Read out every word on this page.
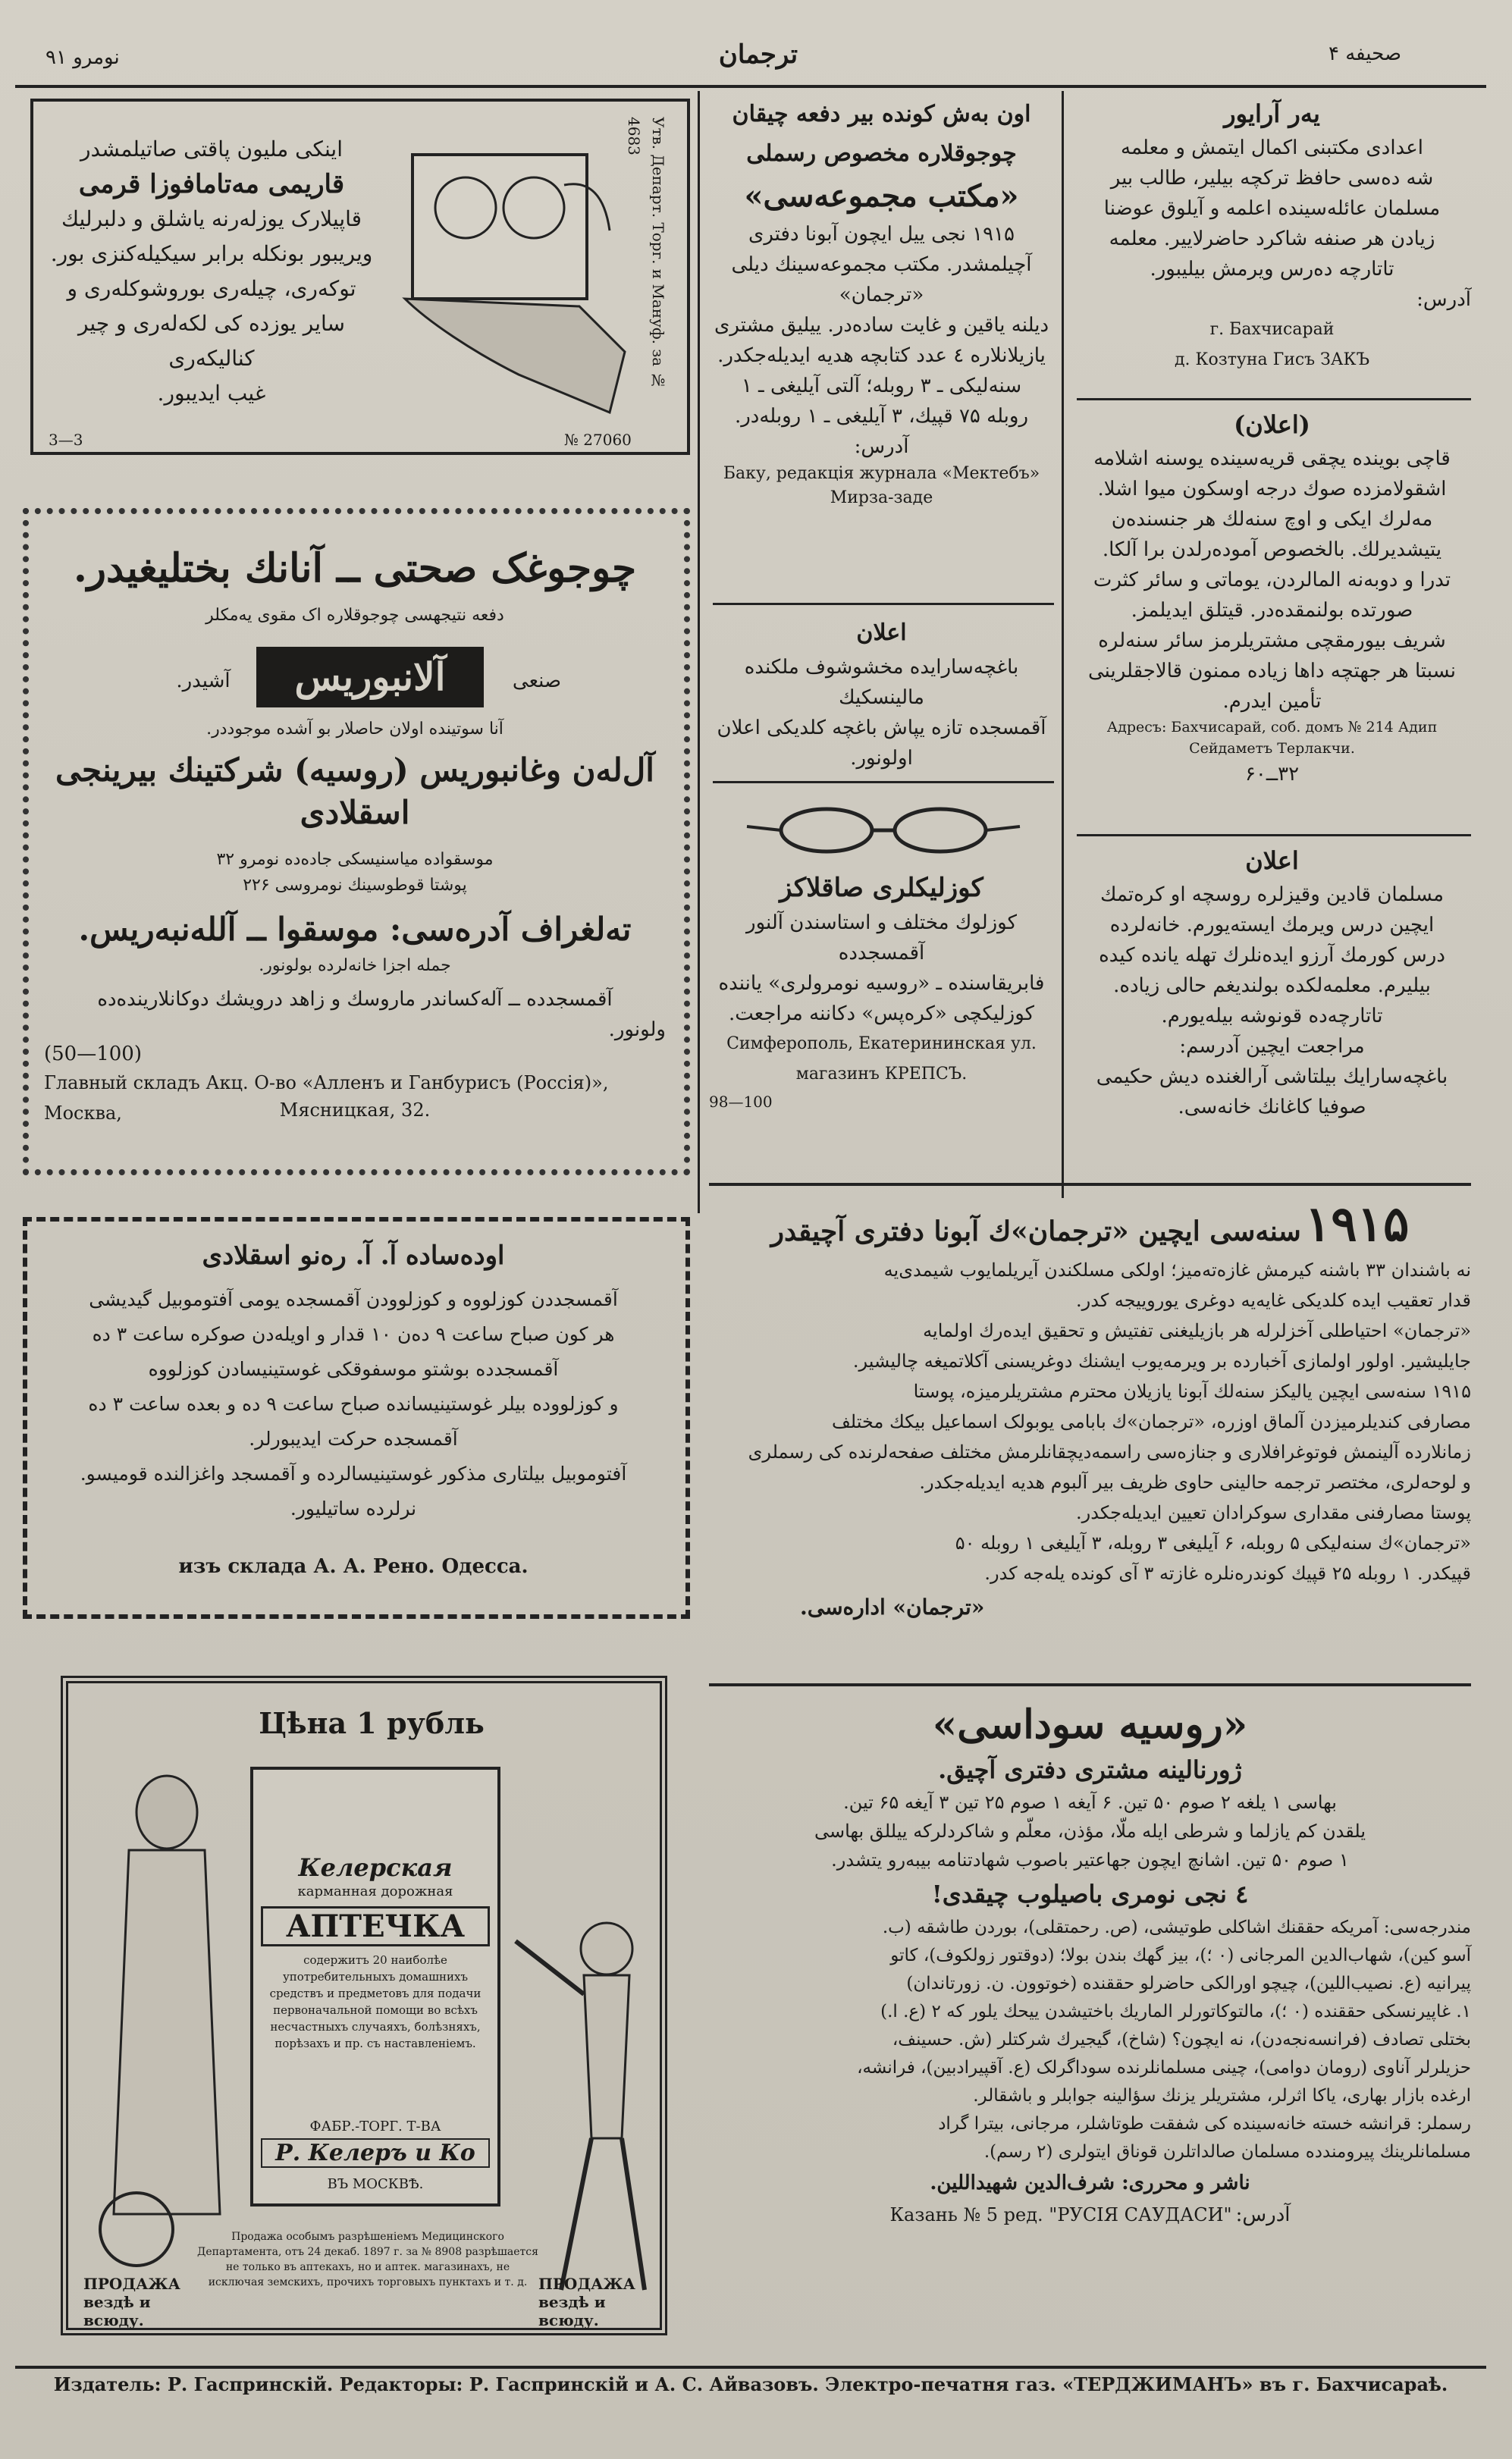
نومرو ۹۱	ترجمان	صحیفه ۴
اینکی ملیون پاقتی صاتیلمشدر
قاریمی مەتامافوزا قرمی
قاپیلارک یوزلەرنە یاشلق و دلبرلیك
ویریبور بونکله برابر سیکیلەکنزی بور.
توکەری، چیلەری بوروشوکلەری و
سایر یوزده کی لکەلەری و چیر کنالیکەری
غیب ایدیبور.
Утв. Департ. Торг. и Мануф. за № 4683
№ 27060
3—3
چوجوغک صحتی ــ آنانك بختلیغیدر.
دفعه نتیجهسی چوجوقلاره اک مقوی یەمکلر
صنعی
آلانبوریس
آشیدر.
آنا سوتینده اولان حاصلار بو آشده موجوددر.
آل‌لەن وغانبوریس (روسیه) شرکتینك بیرینجی اسقلادی
موسقواده میاسنیسکی جاده‌ده نومرو ۳۲
پوشتا قوطوسینك نومروسی ۲۲۶
تەلغراف آدرەسی: موسقوا ــ آللەنبەریس.
جمله اجزا خانەلرده بولونور.
آقمسجدده ــ آلەکساندر ماروسك و زاهد درویشك دوکانلارینده‌ده
ولونور.
(50—100)
Главный складъ Акц. О-во «Алленъ и Ганбурисъ (Россія)», Москва,	Мясницкая, 32.
اودەسادە آ. آ. رەنو اسقلادی
آقمسجددن کوزلووه و کوزلوودن آقمسجده یومی آفتوموبیل گیدیشی
هر کون صباح ساعت ۹ دەن ۱۰ قدار و اویلەدن صوکره ساعت ۳ ده
آقمسجدده بوشتو موسفوقکی غوستینیسادن کوزلووه
و کوزلووده بیلر غوستینیسانده صباح ساعت ۹ ده و بعده ساعت ۳ ده
آقمسجده حرکت ایدیبورلر.
آفتوموبیل بیلتاری مذکور غوستینیسالرده و آقمسجد واغزالنده قومیسو.
نرلرده ساتیلیور.
изъ склада А. А. Рено. Одесса.
Цѣна 1 рубль
Келерская
карманная дорожная
АПТЕЧКА
содержитъ 20 наиболѣе употребительныхъ домашнихъ средствъ и предметовъ для подачи первоначальной помощи во всѣхъ несчастныхъ случаяхъ, болѣзняхъ, порѣзахъ и пр. съ наставленіемъ.
ФАБР.-ТОРГ. Т-ВА
Р. Келеръ и Ко
ВЪ МОСКВѢ.
Продажа особымъ разрѣшеніемъ Медицинского Департамента, отъ 24 декаб. 1897 г. за № 8908 разрѣшается не только въ аптекахъ, но и аптек. магазинахъ, не исключая земскихъ, прочихъ торговыхъ пунктахъ и т. д.
ПРОДАЖА вездѣ и всюду.
ПРОДАЖА вездѣ и всюду.
اون بەش کونده بیر دفعه چیقان
چوجوقلاره مخصوص رسملی
«مکتب مجموعەسی»
۱۹۱۵ نجی ییل ایچون آبونا دفتری
آچیلمشدر. مکتب مجموعەسینك دیلی «ترجمان»
دیلنه یاقین و غایت سادەدر. ییلیق مشتری
یازیلانلاره ٤ عدد کتابچه هدیه ایدیلەجکدر.
سنەلیکی ـ ۳ روبله؛ آلتی آیلیغی ـ ۱
روبله ۷۵ قپیك، ۳ آیلیغی ـ ۱ روبلەدر.
آدرس:
Баку, редакція журнала «Мектебъ»
Мирза-заде
اعلان
باغچەسارایده مخشوشوف ملکنده مالینسکیك
آقمسجده تازه یپاش باغچه کلدیکی اعلان
اولونور.
کوزلیکلری صاقلاکز
کوزلوك مختلف و استاسندن آلنور
آقمسجدده
فابریقاسنده ـ «روسیه نومرولری» یاننده
کوزلیکچی «کرەپس» دکاننه مراجعت.
Симферополь, Екатерининская ул.
магазинъ КРЕПСЪ.
98—100
یەر آرایور
اعدادی مکتبنی اکمال ایتمش و معلمه
شه دەسی حافظ ترکچه بیلیر، طالب بیر
مسلمان عائلەسینده اعلمه و آیلوق عوضنا
زیادن هر صنفه شاکرد حاضرلاییر. معلمه
تاتارچه دەرس ویرمش بیلیبور.
آدرس:
г. Бахчисарай
д. Козтуна Гисъ ЗАКЪ
(اعلان)
قاچی بوینده یچقی قریەسینده یوسنه اشلامه
اشقولامزده صوك درجه اوسکون میوا اشلا.
مەلرك ایکی و اوچ سنەلك هر جنسندەن
یتیشدیرلك. بالخصوص آمودەرلدن برا آلکا.
تدرا و دوبەنه المالردن، یوماتی و سائر کثرت
صورتده بولنمقده‌در. قیتلق ایدیلمز.
شریف بیورمقچی مشتریلرمز سائر سنەلره
نسبتا هر جهتچه داها زیاده ممنون قالاجقلرینی
تأمین ایدرم.
Адресъ: Бахчисарай, соб. домъ № 214 Адип Сейдаметъ Терлакчи.
۳۲ــ۶۰
اعلان
مسلمان قادین وقیزلره روسچه او کرەتمك
ایچین درس ویرمك ایستەیورم. خانەلرده
درس کورمك آرزو ایدەنلرك تهلە یانده کیده
بیلیرم. معلمەلکده بولندیغم حالی زیاده.
تاتارچەده قونوشه بیلەیورم.
مراجعت ایچین آدرسم:
باغچەسارایك بیلتاشی آرالغنده دیش حکیمی
صوفیا کاغانك خانەسی.
۱۹۱۵ سنەسی ایچین «ترجمان»ك آبونا دفتری آچیقدر
نه باشندان ۳۳ باشنه کیرمش غازەتەمیز؛ اولکی مسلکندن آیریلمایوب شیمدی‌یه
قدار تعقیب ایده کلدیکی غایه‌یه دوغری یوروییجه کدر.
«ترجمان» احتیاطلی آخزلرله هر بازیلیغنی تفتیش و تحقیق ایدەرك اولمایه
جایلیشیر. اولور اولمازی آخبارده بر ویرمەیوب ایشنك دوغریسنی آکلاتمیغه چالیشیر.
۱۹۱۵ سنەسی ایچین یالیکز سنەلك آبونا یازیلان محترم مشتریلرمیزه، پوستا
مصارفی کندیلرمیزدن آلماق اوزره، «ترجمان»ك بابامی یوبولک اسماعیل بیکك مختلف
زمانلارده آلینمش فوتوغرافلاری و جنازەسی راسمەدیچقانلرمش مختلف صفحەلرنده کی رسملری
و لوحەلری، مختصر ترجمه حالینی حاوی ظریف بیر آلبوم هدیه ایدیلەجکدر.
پوستا مصارفنی مقداری سوکرادان تعیین ایدیلەجکدر.
«ترجمان»ك سنەلیکی ۵ روبله، ۶ آیلیغی ۳ روبله، ۳ آیلیغی ۱ روبله ۵۰
قپیکدر. ۱ روبله ۲۵ قپیك کوندرەنلرە غازته ۳ آی کونده یلەجه کدر.
«ترجمان» ادارەسی.
«روسیه سوداسی»
ژورنالینه مشتری دفتری آچیق.
بهاسی ۱ یلغه ۲ صوم ۵۰ تین. ۶ آیغه ۱ صوم ۲۵ تین ۳ آیغه ۶۵ تین.
یلقدن کم یازلما و شرطی ایله ملّا، مؤذن، معلّم و شاکردلرکه ییللق بهاسی
۱ صوم ۵۰ تین. اشانچ ایچون جهاعتیر باصوب شهادتنامه بیبەرو یتشدر.
٤ نجی نومری باصیلوب چیقدی!
مندرجەسی: آمریکه حققنك اشاکلی طوتیشی، (ص. رحمتقلی)، بوردن طاشقه (ب.
آسو کین)، شهاب‌الدین المرجانی (۰ ؛)، بیز گهك بندن بولا؛ (دوقتور زولکوف)، کاتو
پیرانیه (ع. نصیب‌اللین)، چیچو اورالکی حاضرلو حققنده (خوتوون. ن. زورتاندان)
۱. غاپیرنسکی حققنده (۰ ؛)، مالتوکاتورلر الماریك باختیشدن ییحك یلور که ۲ (ع. ا.)
بختلی تصادف (فرانسەنجەدن)، نه ایچون؟ (شاخ)، گیجیرك شرکتلر (ش. حسینف،
حزیلرلر آناوی (رومان دوامی)، چینی مسلمانلرنده سوداگرلک (ع. آقپیرادبین)، فرانشه،
ارغده بازار بهاری، یاکا اثرلر، مشتریلر یزنك سؤالینه جوابلر و باشقالر.
رسملر: قرانشه خسته خانەسینده کی شفقت طوتاشلر، مرجانی، بیترا گراد
مسلمانلرینك پیرومندده مسلمان صالداتلرن قوناق ایتولری (۲ رسم).
ناشر و محرری: شرف‌الدین شهیداللین.
آدرس: Казань № 5 ред. "РУСІЯ САУДАСИ"
Издатель: Р. Гаспринскій. Редакторы: Р. Гаспринскій и А. С. Айвазовъ. Электро-печатня газ. «ТЕРДЖИМАНЪ» въ г. Бахчисараѣ.
